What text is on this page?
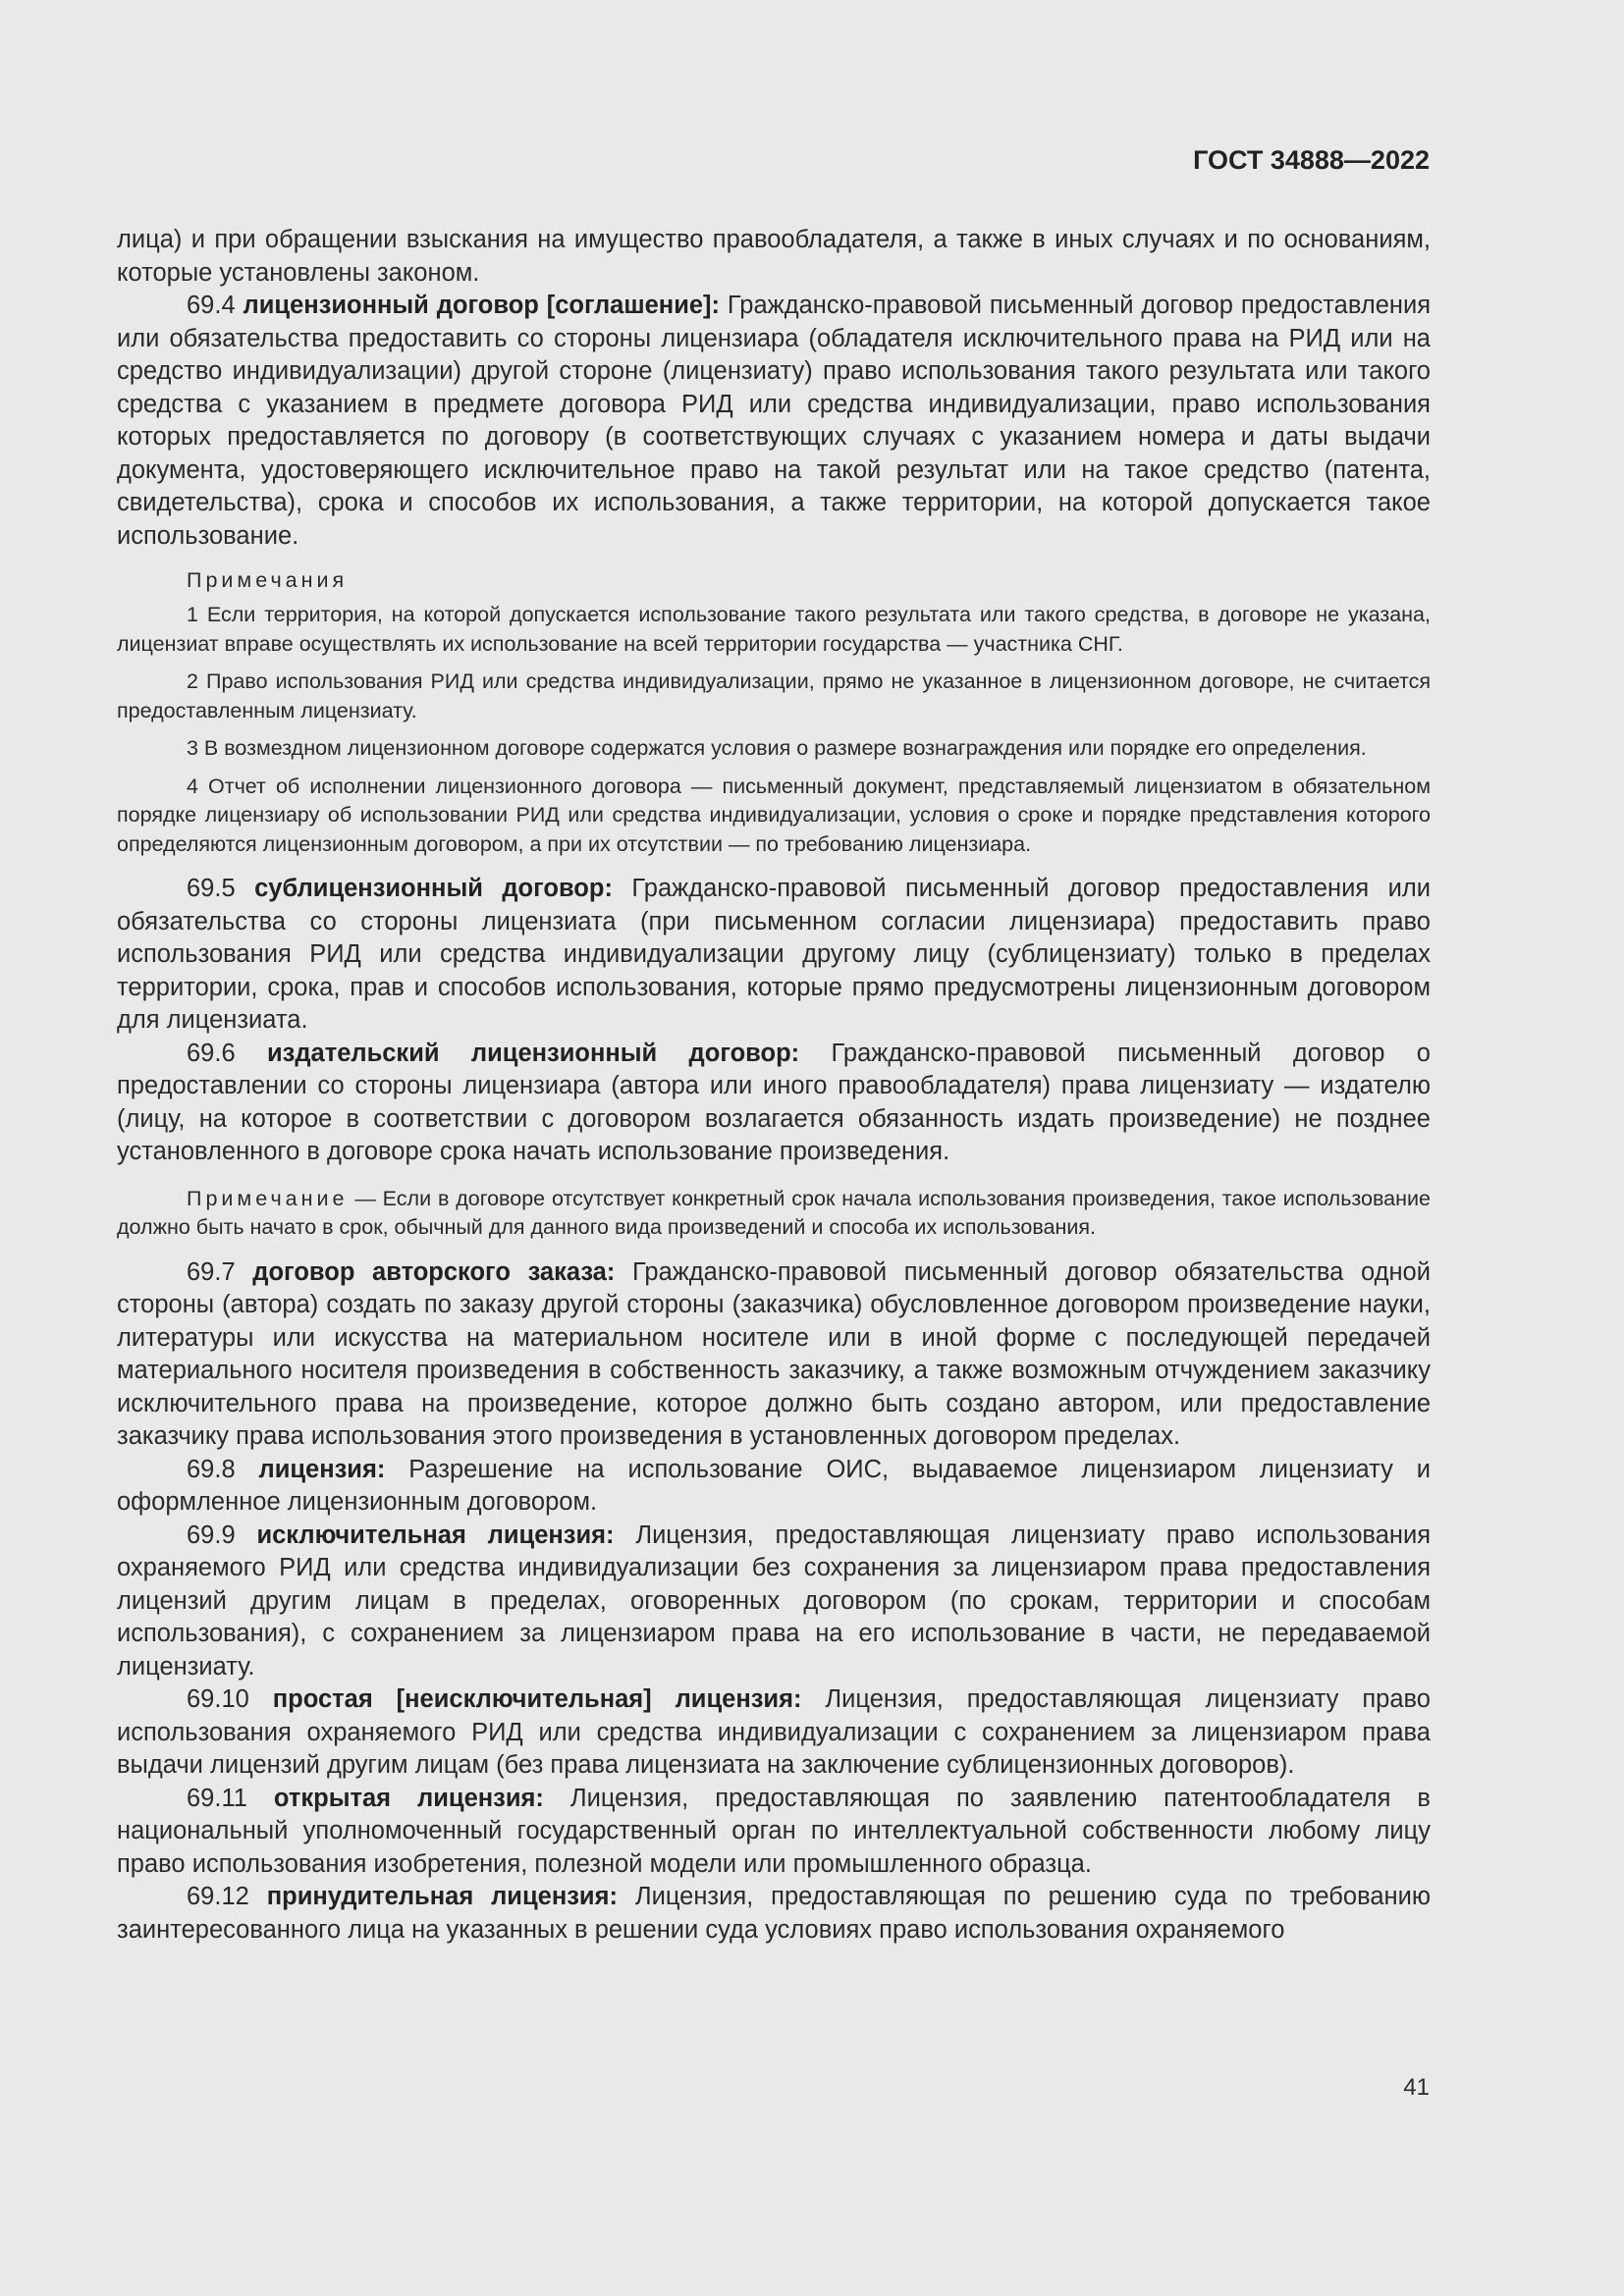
ГОСТ 34888—2022

лица) и при обращении взыскания на имущество правообладателя, а также в иных случаях и по основаниям, которые установлены законом.

69.4 лицензионный договор [соглашение]: Гражданско-правовой письменный договор предоставления или обязательства предоставить со стороны лицензиара (обладателя исключительного права на РИД или на средство индивидуализации) другой стороне (лицензиату) право использования такого результата или такого средства с указанием в предмете договора РИД или средства индивидуализации, право использования которых предоставляется по договору (в соответствующих случаях с указанием номера и даты выдачи документа, удостоверяющего исключительное право на такой результат или на такое средство (патента, свидетельства), срока и способов их использования, а также территории, на которой допускается такое использование.

Примечания

1 Если территория, на которой допускается использование такого результата или такого средства, в договоре не указана, лицензиат вправе осуществлять их использование на всей территории государства — участника СНГ.

2 Право использования РИД или средства индивидуализации, прямо не указанное в лицензионном договоре, не считается предоставленным лицензиату.

3 В возмездном лицензионном договоре содержатся условия о размере вознаграждения или порядке его определения.

4 Отчет об исполнении лицензионного договора — письменный документ, представляемый лицензиатом в обязательном порядке лицензиару об использовании РИД или средства индивидуализации, условия о сроке и порядке представления которого определяются лицензионным договором, а при их отсутствии — по требованию лицензиара.

69.5 сублицензионный договор: Гражданско-правовой письменный договор предоставления или обязательства со стороны лицензиата (при письменном согласии лицензиара) предоставить право использования РИД или средства индивидуализации другому лицу (сублицензиату) только в пределах территории, срока, прав и способов использования, которые прямо предусмотрены лицензионным договором для лицензиата.

69.6 издательский лицензионный договор: Гражданско-правовой письменный договор о предоставлении со стороны лицензиара (автора или иного правообладателя) права лицензиату — издателю (лицу, на которое в соответствии с договором возлагается обязанность издать произведение) не позднее установленного в договоре срока начать использование произведения.

Примечание — Если в договоре отсутствует конкретный срок начала использования произведения, такое использование должно быть начато в срок, обычный для данного вида произведений и способа их использования.

69.7 договор авторского заказа: Гражданско-правовой письменный договор обязательства одной стороны (автора) создать по заказу другой стороны (заказчика) обусловленное договором произведение науки, литературы или искусства на материальном носителе или в иной форме с последующей передачей материального носителя произведения в собственность заказчику, а также возможным отчуждением заказчику исключительного права на произведение, которое должно быть создано автором, или предоставление заказчику права использования этого произведения в установленных договором пределах.

69.8 лицензия: Разрешение на использование ОИС, выдаваемое лицензиаром лицензиату и оформленное лицензионным договором.

69.9 исключительная лицензия: Лицензия, предоставляющая лицензиату право использования охраняемого РИД или средства индивидуализации без сохранения за лицензиаром права предоставления лицензий другим лицам в пределах, оговоренных договором (по срокам, территории и способам использования), с сохранением за лицензиаром права на его использование в части, не передаваемой лицензиату.

69.10 простая [неисключительная] лицензия: Лицензия, предоставляющая лицензиату право использования охраняемого РИД или средства индивидуализации с сохранением за лицензиаром права выдачи лицензий другим лицам (без права лицензиата на заключение сублицензионных договоров).

69.11 открытая лицензия: Лицензия, предоставляющая по заявлению патентообладателя в национальный уполномоченный государственный орган по интеллектуальной собственности любому лицу право использования изобретения, полезной модели или промышленного образца.

69.12 принудительная лицензия: Лицензия, предоставляющая по решению суда по требованию заинтересованного лица на указанных в решении суда условиях право использования охраняемого

41
